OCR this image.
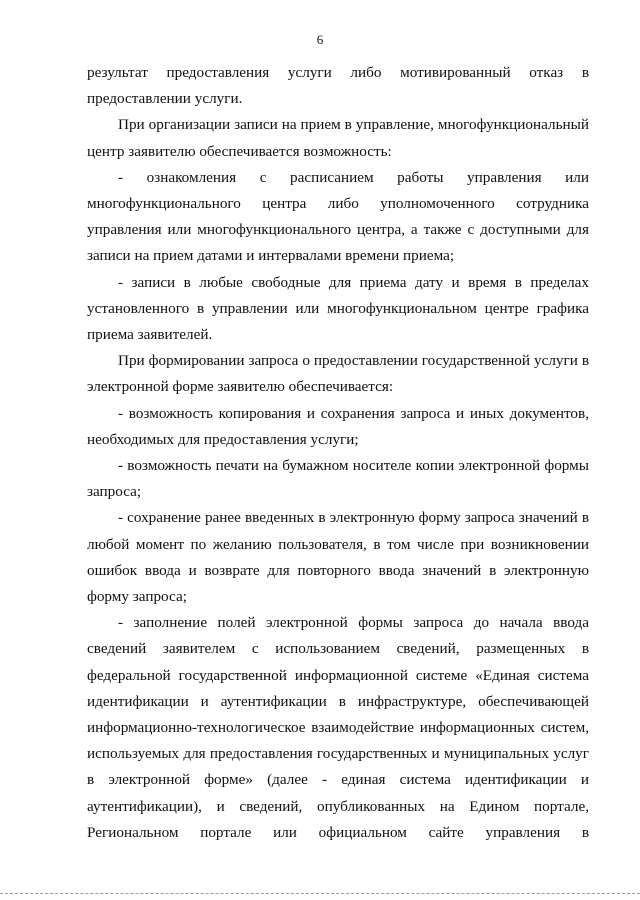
6

результат предоставления услуги либо мотивированный отказ в предоставлении услуги.

При организации записи на прием в управление, многофункциональный центр заявителю обеспечивается возможность:

- ознакомления с расписанием работы управления или многофункционального центра либо уполномоченного сотрудника управления или многофункционального центра, а также с доступными для записи на прием датами и интервалами времени приема;

- записи в любые свободные для приема дату и время в пределах установленного в управлении или многофункциональном центре графика приема заявителей.

При формировании запроса о предоставлении государственной услуги в электронной форме заявителю обеспечивается:

- возможность копирования и сохранения запроса и иных документов, необходимых для предоставления услуги;

- возможность печати на бумажном носителе копии электронной формы запроса;

- сохранение ранее введенных в электронную форму запроса значений в любой момент по желанию пользователя, в том числе при возникновении ошибок ввода и возврате для повторного ввода значений в электронную форму запроса;

- заполнение полей электронной формы запроса до начала ввода сведений заявителем с использованием сведений, размещенных в федеральной государственной информационной системе «Единая система идентификации и аутентификации в инфраструктуре, обеспечивающей информационно-технологическое взаимодействие информационных систем, используемых для предоставления государственных и муниципальных услуг в электронной форме» (далее - единая система идентификации и аутентификации), и сведений, опубликованных на Едином портале, Региональном портале или официальном сайте управления в
